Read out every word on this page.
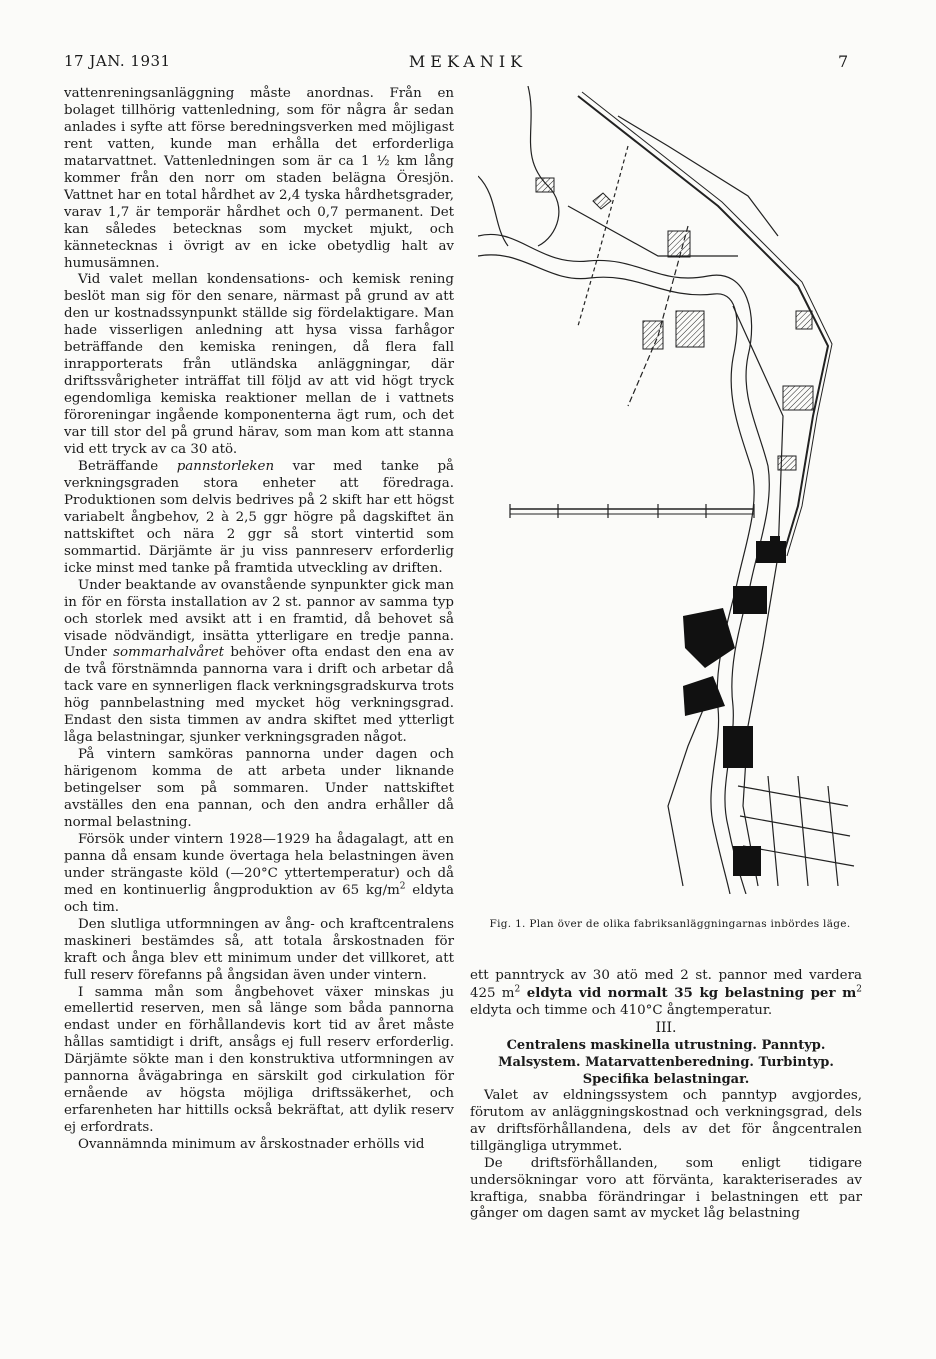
17 JAN. 1931	MEKANIK	7

vattenreningsanläggning måste anordnas. Från en bolaget tillhörig vattenledning, som för några år sedan anlades i syfte att förse beredningsverken med möjligast rent vatten, kunde man erhålla det erforderliga matarvattnet. Vattenledningen som är ca 1 ½ km lång kommer från den norr om staden belägna Öresjön. Vattnet har en total hårdhet av 2,4 tyska hårdhetsgrader, varav 1,7 är temporär hårdhet och 0,7 permanent. Det kan således betecknas som mycket mjukt, och kännetecknas i övrigt av en icke obetydlig halt av humusämnen.

Vid valet mellan kondensations- och kemisk rening beslöt man sig för den senare, närmast på grund av att den ur kostnadssynpunkt ställde sig fördelaktigare. Man hade visserligen anledning att hysa vissa farhågor beträffande den kemiska reningen, då flera fall inrapporterats från utländska anläggningar, där driftssvårigheter inträffat till följd av att vid högt tryck egendomliga kemiska reaktioner mellan de i vattnets föroreningar ingående komponenterna ägt rum, och det var till stor del på grund härav, som man kom att stanna vid ett tryck av ca 30 atö.

Beträffande pannstorleken var med tanke på verkningsgraden stora enheter att föredraga. Produktionen som delvis bedrives på 2 skift har ett högst variabelt ångbehov, 2 à 2,5 ggr högre på dagskiftet än nattskiftet och nära 2 ggr så stort vintertid som sommartid. Därjämte är ju viss pannreserv erforderlig icke minst med tanke på framtida utveckling av driften.

Under beaktande av ovanstående synpunkter gick man in för en första installation av 2 st. pannor av samma typ och storlek med avsikt att i en framtid, då behovet så visade nödvändigt, insätta ytterligare en tredje panna. Under sommarhalvåret behöver ofta endast den ena av de två förstnämnda pannorna vara i drift och arbetar då tack vare en synnerligen flack verkningsgradskurva trots hög pannbelastning med mycket hög verkningsgrad. Endast den sista timmen av andra skiftet med ytterligt låga belastningar, sjunker verkningsgraden något.

På vintern samköras pannorna under dagen och härigenom komma de att arbeta under liknande betingelser som på sommaren. Under nattskiftet avställes den ena pannan, och den andra erhåller då normal belastning.

Försök under vintern 1928—1929 ha ådagalagt, att en panna då ensam kunde övertaga hela belastningen även under strängaste köld (—20°C yttertemperatur) och då med en kontinuerlig ångproduktion av 65 $kg/m^2$ eldyta och tim.

Den slutliga utformningen av ång- och kraftcentralens maskineri bestämdes så, att totala årskostnaden för kraft och ånga blev ett minimum under det villkoret, att full reserv förefanns på ångsidan även under vintern.

I samma mån som ångbehovet växer minskas ju emellertid reserven, men så länge som båda pannorna endast under en förhållandevis kort tid av året måste hållas samtidigt i drift, ansågs ej full reserv erforderlig. Därjämte sökte man i den konstruktiva utformningen av pannorna åvägabringa en särskilt god cirkulation för ernående av högsta möjliga driftssäkerhet, och erfarenheten har hittills också bekräftat, att dylik reserv ej erfordrats.

Ovannämnda minimum av årskostnader erhölls vid

Fig. 1. Plan över de olika fabriksanläggningarnas inbördes läge.

ett panntryck av 30 atö med 2 st. pannor med vardera 425 $m^2$ eldyta vid normalt 35 kg belastning per $m^2$ eldyta och timme och 410°C ångtemperatur.

III.

Centralens maskinella utrustning. Panntyp. Malsystem. Matarvattenberedning. Turbintyp. Specifika belastningar.

Valet av eldningssystem och panntyp avgjordes, förutom av anläggningskostnad och verkningsgrad, dels av driftsförhållandena, dels av det för ångcentralen tillgängliga utrymmet.

De driftsförhållanden, som enligt tidigare undersökningar voro att förvänta, karakteriserades av kraftiga, snabba förändringar i belastningen ett par gånger om dagen samt av mycket låg belastning
